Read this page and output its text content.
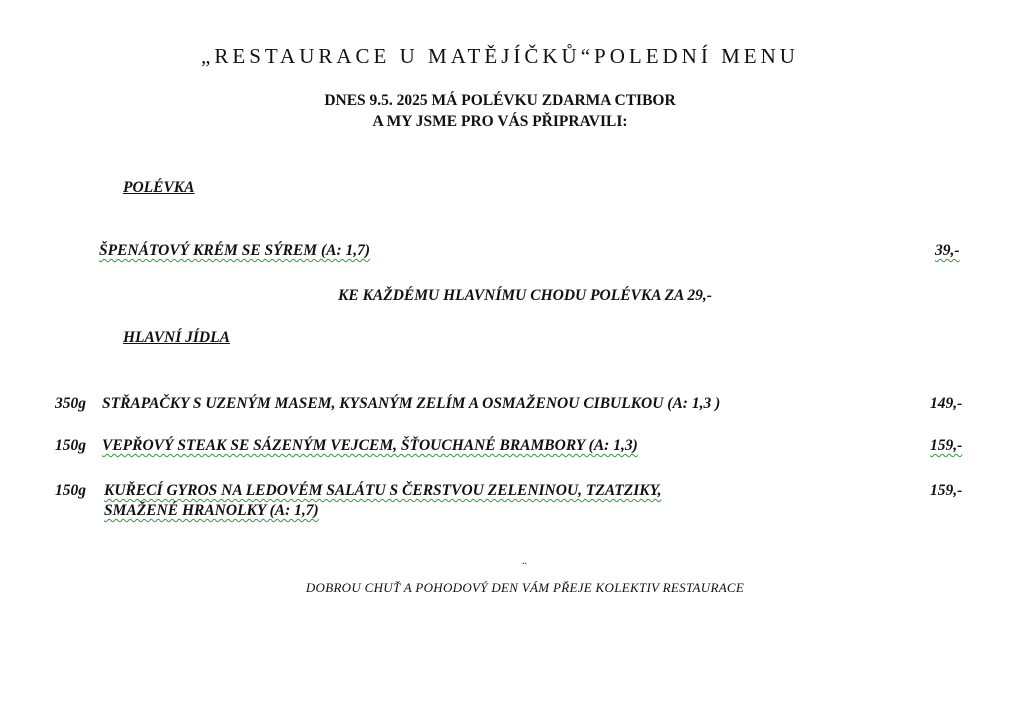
„RESTAURACE U MATĚJÍČKŮ“POLEDNÍ MENU
DNES 9.5. 2025 MÁ POLÉVKU ZDARMA CTIBOR
A MY JSME PRO VÁS PŘIPRAVILI:
POLÉVKA
ŠPENÁTOVÝ KRÉM SE SÝREM (A: 1,7)	39,-
KE KAŽDÉMU HLAVNÍMU CHODU POLÉVKA ZA 29,-
HLAVNÍ JÍDLA
350g STŘAPAČKY S UZENÝM MASEM, KYSANÝM ZELÍM A OSMAŽENOU CIBULKOU (A: 1,3 )	149,-
150g VEPŘOVÝ STEAK SE SÁZENÝM VEJCEM, ŠŤOUCHANÉ BRAMBORY (A: 1,3)	159,-
150g KUŘECÍ GYROS NA LEDOVÉM SALÁTU S ČERSTVOU ZELENINOU, TZATZIKY,
SMAŽENÉ HRANOLKY (A: 1,7)
159,-
..
DOBROU CHUŤ A POHODOVÝ DEN VÁM PŘEJE KOLEKTIV RESTAURACE
